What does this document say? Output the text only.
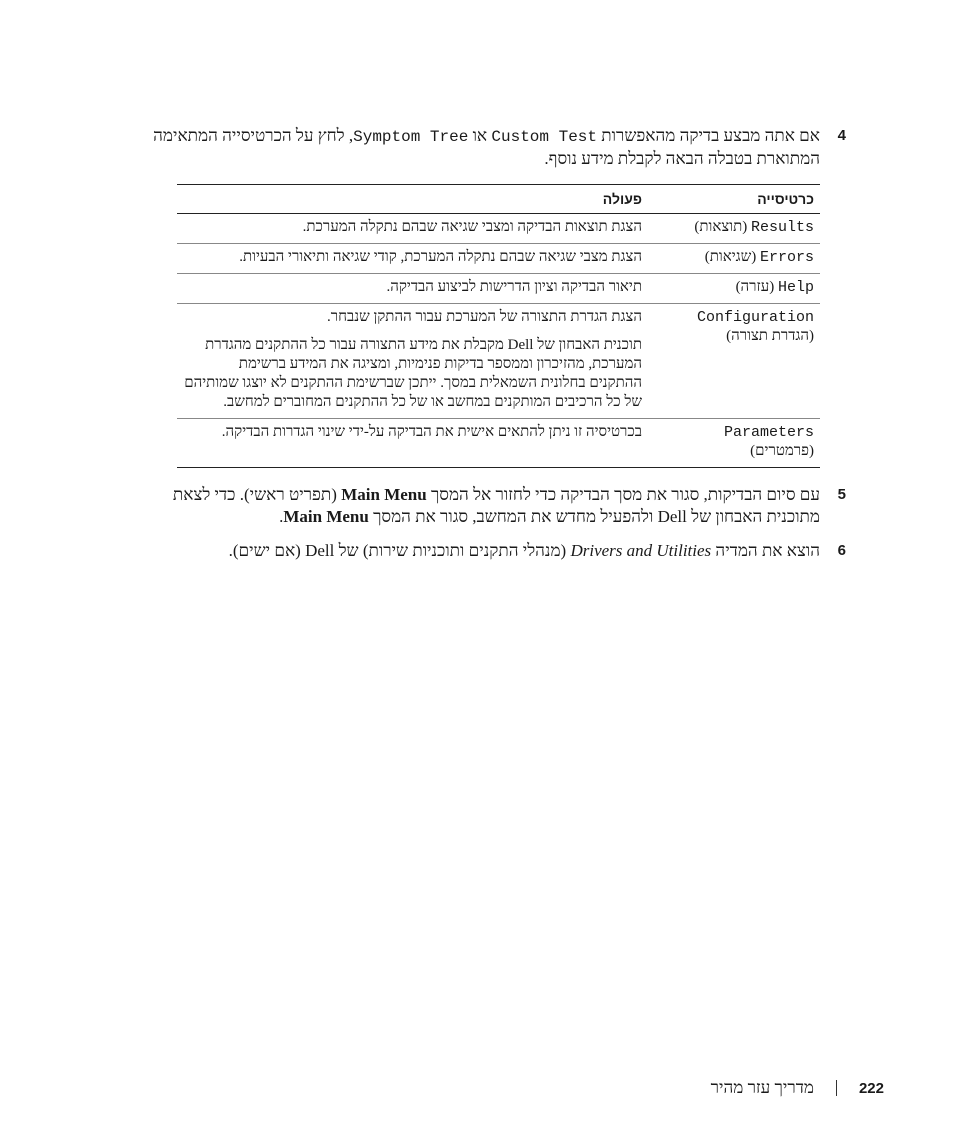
4
אם אתה מבצע בדיקה מהאפשרות Custom Test או Symptom Tree, לחץ על הכרטיסייה המתאימה
המתוארת בטבלה הבאה לקבלת מידע נוסף.
כרטיסייה	פעולה
Results (תוצאות)	הצגת תוצאות הבדיקה ומצבי שגיאה שבהם נתקלה המערכת.
Errors (שגיאות)	הצגת מצבי שגיאה שבהם נתקלה המערכת, קודי שגיאה ותיאורי הבעיות.
Help (עזרה)	תיאור הבדיקה וציון הדרישות לביצוע הבדיקה.
Configuration
(הגדרת תצורה)	הצגת הגדרת התצורה של המערכת עבור ההתקן שנבחר.
תוכנית האבחון של Dell מקבלת את מידע התצורה עבור כל ההתקנים מהגדרת המערכת, מהזיכרון וממספר בדיקות פנימיות, ומציגה את המידע ברשימת ההתקנים בחלונית השמאלית במסך. ייתכן שברשימת ההתקנים לא יוצגו שמותיהם של כל הרכיבים המותקנים במחשב או של כל ההתקנים המחוברים למחשב.

Parameters
(פרמטרים)	בכרטיסיה זו ניתן להתאים אישית את הבדיקה על-ידי שינוי הגדרות הבדיקה.
5
עם סיום הבדיקות, סגור את מסך הבדיקה כדי לחזור אל המסך Main Menu (תפריט ראשי). כדי לצאת
מתוכנית האבחון של Dell ולהפעיל מחדש את המחשב, סגור את המסך Main Menu.
6
הוצא את המדיה Drivers and Utilities (מנהלי התקנים ותוכניות שירות) של Dell (אם ישים).
222
מדריך עזר מהיר
